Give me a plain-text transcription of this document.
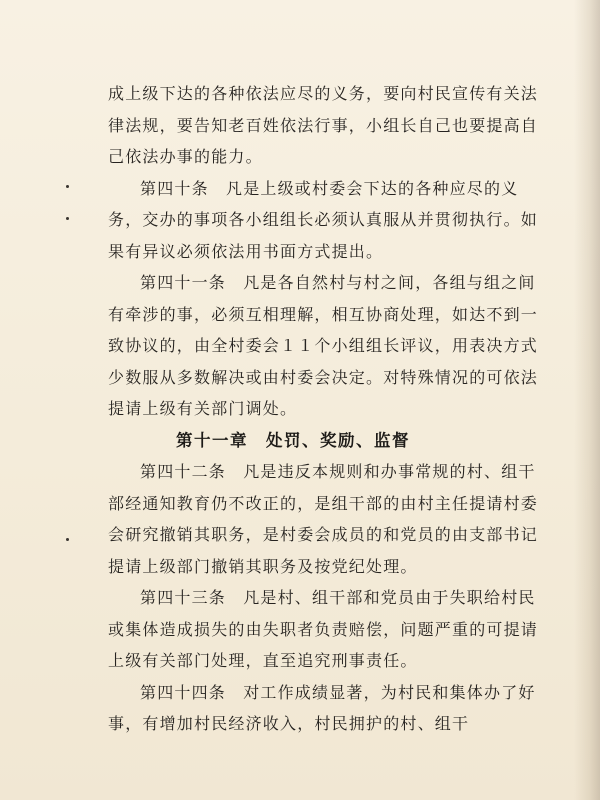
成上级下达的各种依法应尽的义务，要向村民宣传有关法律法规，要告知老百姓依法行事，小组长自己也要提高自己依法办事的能力。

第四十条　凡是上级或村委会下达的各种应尽的义务，交办的事项各小组组长必须认真服从并贯彻执行。如果有异议必须依法用书面方式提出。

第四十一条　凡是各自然村与村之间，各组与组之间有牵涉的事，必须互相理解，相互协商处理，如达不到一致协议的，由全村委会１１个小组组长评议，用表决方式少数服从多数解决或由村委会决定。对特殊情况的可依法提请上级有关部门调处。

第十一章　处罚、奖励、监督

第四十二条　凡是违反本规则和办事常规的村、组干部经通知教育仍不改正的，是组干部的由村主任提请村委会研究撤销其职务，是村委会成员的和党员的由支部书记提请上级部门撤销其职务及按党纪处理。

第四十三条　凡是村、组干部和党员由于失职给村民或集体造成损失的由失职者负责赔偿，问题严重的可提请上级有关部门处理，直至追究刑事责任。

第四十四条　对工作成绩显著，为村民和集体办了好事，有增加村民经济收入，村民拥护的村、组干
